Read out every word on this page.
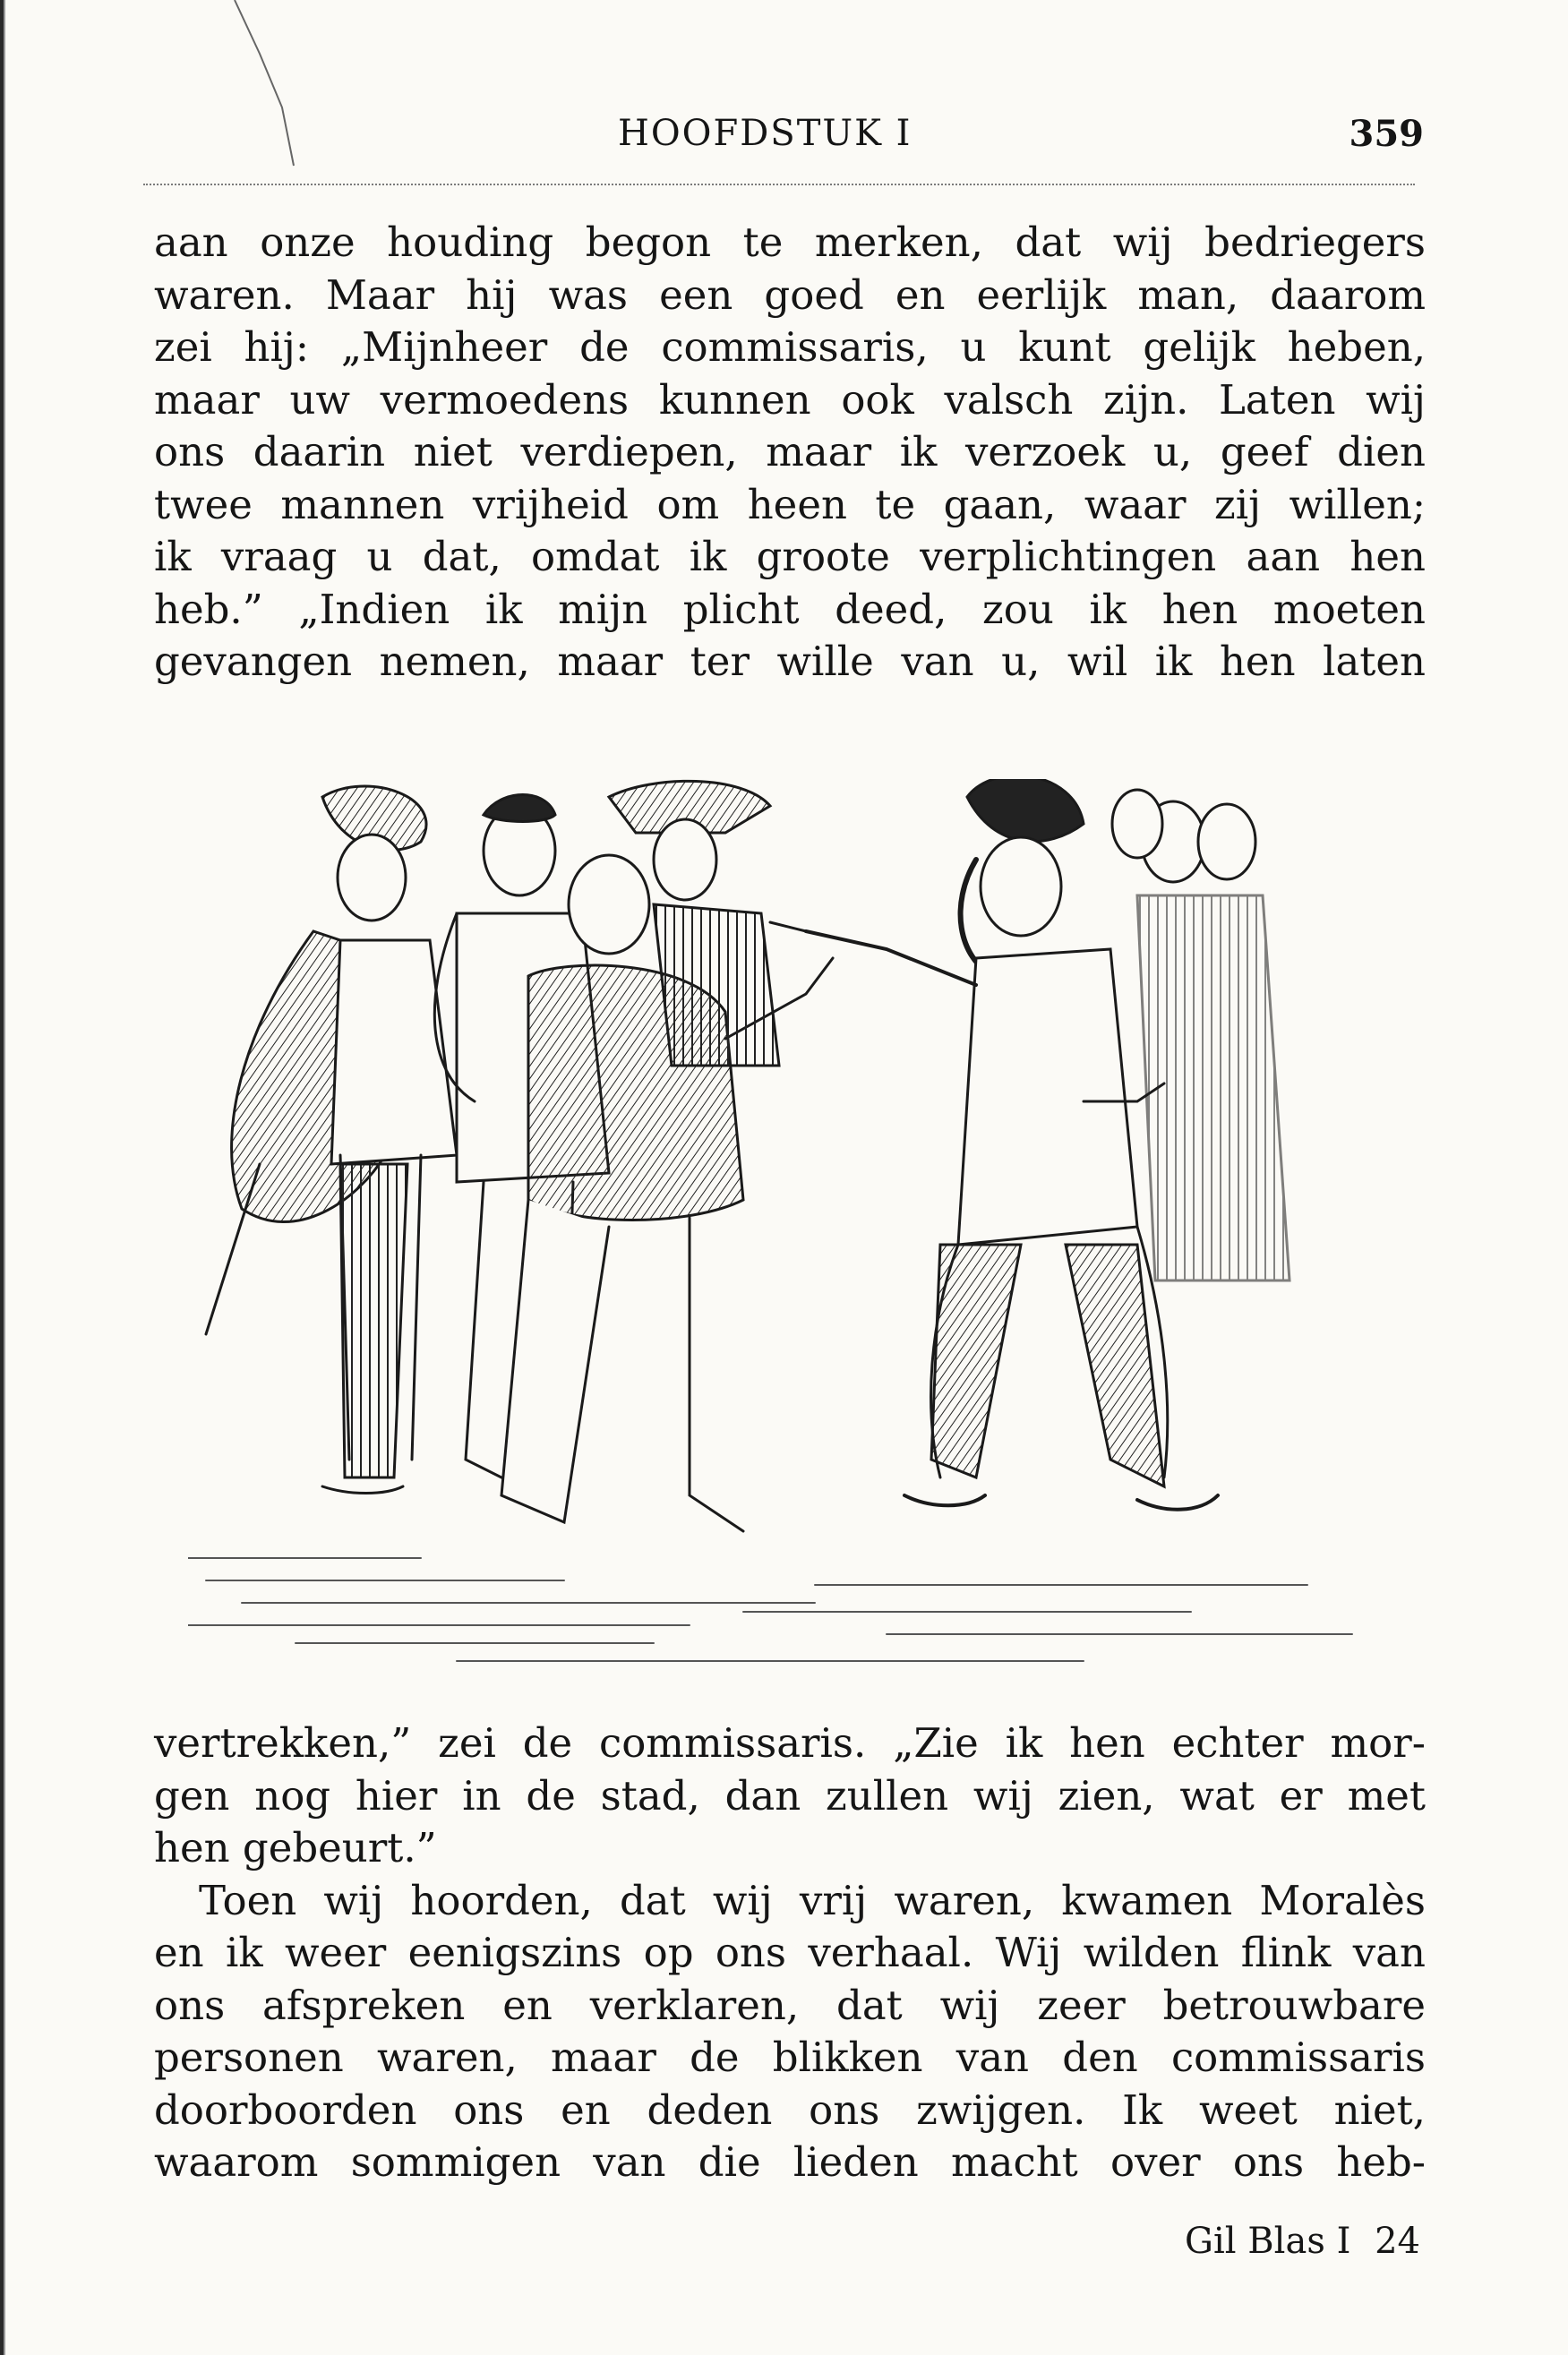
HOOFDSTUK I	359
aan onze houding begon te merken, dat wij bedriegers
waren. Maar hij was een goed en eerlijk man, daarom
zei hij: „Mijnheer de commissaris, u kunt gelijk heben,
maar uw vermoedens kunnen ook valsch zijn. Laten wij
ons daarin niet verdiepen, maar ik verzoek u, geef dien
twee mannen vrijheid om heen te gaan, waar zij willen;
ik vraag u dat, omdat ik groote verplichtingen aan hen
heb.” „Indien ik mijn plicht deed, zou ik hen moeten
gevangen nemen, maar ter wille van u, wil ik hen laten
vertrekken,” zei de commissaris. „Zie ik hen echter mor-
gen nog hier in de stad, dan zullen wij zien, wat er met
hen gebeurt.”
Toen wij hoorden, dat wij vrij waren, kwamen Moralès
en ik weer eenigszins op ons verhaal. Wij wilden flink van
ons afspreken en verklaren, dat wij zeer betrouwbare
personen waren, maar de blikken van den commissaris
doorboorden ons en deden ons zwijgen. Ik weet niet,
waarom sommigen van die lieden macht over ons heb-
Gil Blas I 24
